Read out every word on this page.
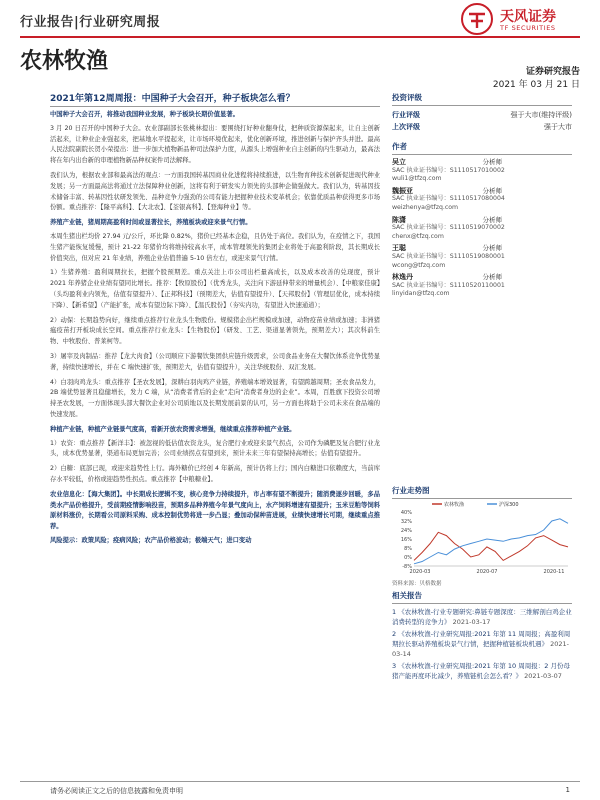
行业报告|行业研究周报	天风证券
TF SECURITIES
农林牧渔	证券研究报告
2021 年 03 月 21 日
2021年第12周周报：中国种子大会召开，种子板块怎么看？

中国种子大会召开，将推动我国种业发展，种子板块长期价值显著。

3 月 20 日召开的中国种子大会。农业部副部长张桃林提出：要围绕打好种业翻身仗，把种质资源保起来，让自主创新活起来，让种业企业强起来，把基地水平提起来，让市场环境优起来，优化创新环境，推进创新与保护齐头并进。最高人民法院副院长贺小荣提出：进一步加大植物新品种司法保护力度，从源头上增强种业自主创新的内生驱动力，最高法将在年内出台新的审理植物新品种权案件司法解释。

我们认为，根据农业部和最高法的观点：一方面我国转基因商业化进程将持续推进，以生物育种技术创新促进现代种业发展；另一方面最高法将通过立法保障种业创新，这将有利于研发实力领先的头部种企做强做大。我们认为，转基因技术储备丰富、转基因性状研发领先、品种竞争力强劲的公司有能力把握种业技术变革机会；依靠优质品种获得更多市场份额。重点推荐：【隆平高科】、【大北农】、【荃银高科】、【登海种业】等。

养殖产业链，猪周期高盈利时间或显著拉长，养殖板块或迎来景气行情。

本周生猪出栏均价 27.94 元/公斤，环比降 0.82%，猪价已经基本企稳，且仍处于高位。我们认为，在疫情之下，我国生猪产能恢复缓慢，预计 21-22 年猪价均将维持较高水平，成本管理领先的集团企业将处于高盈利阶段，其长期成长价值突出，但对应 21 年业绩，养殖企业估值普遍 5-10 倍左右，或迎来景气行情。

1）生猪养殖：盈利周期拉长，把握个股预期差。重点关注上市公司出栏量高成长，以及成本改善的兑现度，预计 2021 年养猪企业业绩有望同比增长。推荐：【牧原股份】（优秀龙头，关注向下游延伸带来的增量机会）、【中粮家佳康】（头均盈利业内领先，估值有望提升）、【正邦科技】（预期差大，估值有望提升）、【天邦股份】（管理层优化，成本持续下降）、【新希望】（产能扩张，成本有望边际下降）、【温氏股份】（夯实内功，有望进入快速通道）；

2）动保：长期趋势向好，继续重点推荐行业龙头生物股份。规模猪企出栏规模或加速，动物疫苗业绩或加速；非洲猪瘟疫苗打开板块成长空间。重点推荐行业龙头：【生物股份】（研发、工艺、渠道显著领先，预期差大）；其次科前生物、中牧股份、普莱柯等。

3）屠宰及肉制品：推荐【龙大肉食】（公司顺应下游餐饮集团供应链升级需求，公司食品业务在大餐饮体系竞争优势显著，持续快速增长，并在 C 端快速扩张，预期差大，估值有望提升），关注华统股份、双汇发展。

4）白羽肉鸡龙头：重点推荐【圣农发展】，深耕白羽肉鸡产业链，养殖端本增效显著，有望跨越周期；圣农食品发力，2B 端优势显著且稳健增长，发力 C 端，从“消费者背后的企业”走向“消费者身边的企业”。本周，百胜旗下投资公司增持圣农发展，一方面体现头部大餐饮企业对公司质地以及长期发展前景的认可，另一方面也将助于公司未来在食品端的快速发展。

种植产业链，种植产业链景气度高，看新开放农资需求增强，继续重点推荐种植产业链。

1）农资：重点推荐【新洋丰】：被忽视的低估值农资龙头，复合肥行业或迎来景气拐点，公司作为磷肥及复合肥行业龙头，成本优势显著，渠道布局更加完善；公司业绩拐点有望到来，预计未来三年有望保持高增长；估值有望提升。

2）白糖：底部已现，或迎来趋势性上行。海外糖价已经创 4 年新高，预计仍将上行；国内白糖进口依赖度大，当前库存水平较低，价格或迎趋势性拐点。重点推荐【中粮糖业】。

农业信息化：【海大集团】。中长期成长逻辑不变，核心竞争力持续提升，市占率有望不断提升；随消费逐步回暖，多品类水产品价格提升，受前期疫情影响投苗，预期多品种养殖今年景气度向上，水产饲料增速有望提升；玉米豆粕等饲料原材料涨价，长期看公司原料采购、成本控制优势将进一步凸显；叠加动保种苗进展，业绩快速增长可期，继续重点推荐。

风险提示：政策风险；疫病风险；农产品价格波动；极端天气；进口变动

投资评级
行业评级	强于大市(维持评级)
上次评级	强于大市
作者
吴立	分析师
SAC 执业证书编号：S1110517010002
wuli1@tfzq.com
魏振亚	分析师
SAC 执业证书编号：S1110517080004
weizhenya@tfzq.com
陈潇	分析师
SAC 执业证书编号：S1110519070002
chenx@tfzq.com
王聪	分析师
SAC 执业证书编号：S1110519080001
wcong@tfzq.com
林逸丹	分析师
SAC 执业证书编号：S1110520110001
linyidan@tfzq.com
行业走势图
40%
32%
24%
16%
8%
0%
-8%
2020-03	2020-07	2020-11
农林牧渔	沪深300
资料来源：贝格数据
相关报告
1 《农林牧渔-行业专题研究:鼻链专题深度：三维解剖白鸡企业消费转型的竞争力》 2021-03-17
2 《农林牧渔-行业研究周报:2021 年第 11 周周报；高盈利周期拉长驱动养殖板块景气行情，把握种植链板块机遇》 2021-03-14
3 《农林牧渔-行业研究周报:2021 年第 10 周周报：2 月份母猪产能再度环比减少，养殖链机会怎么看？》 2021-03-07
请务必阅读正文之后的信息披露和免责申明	1
